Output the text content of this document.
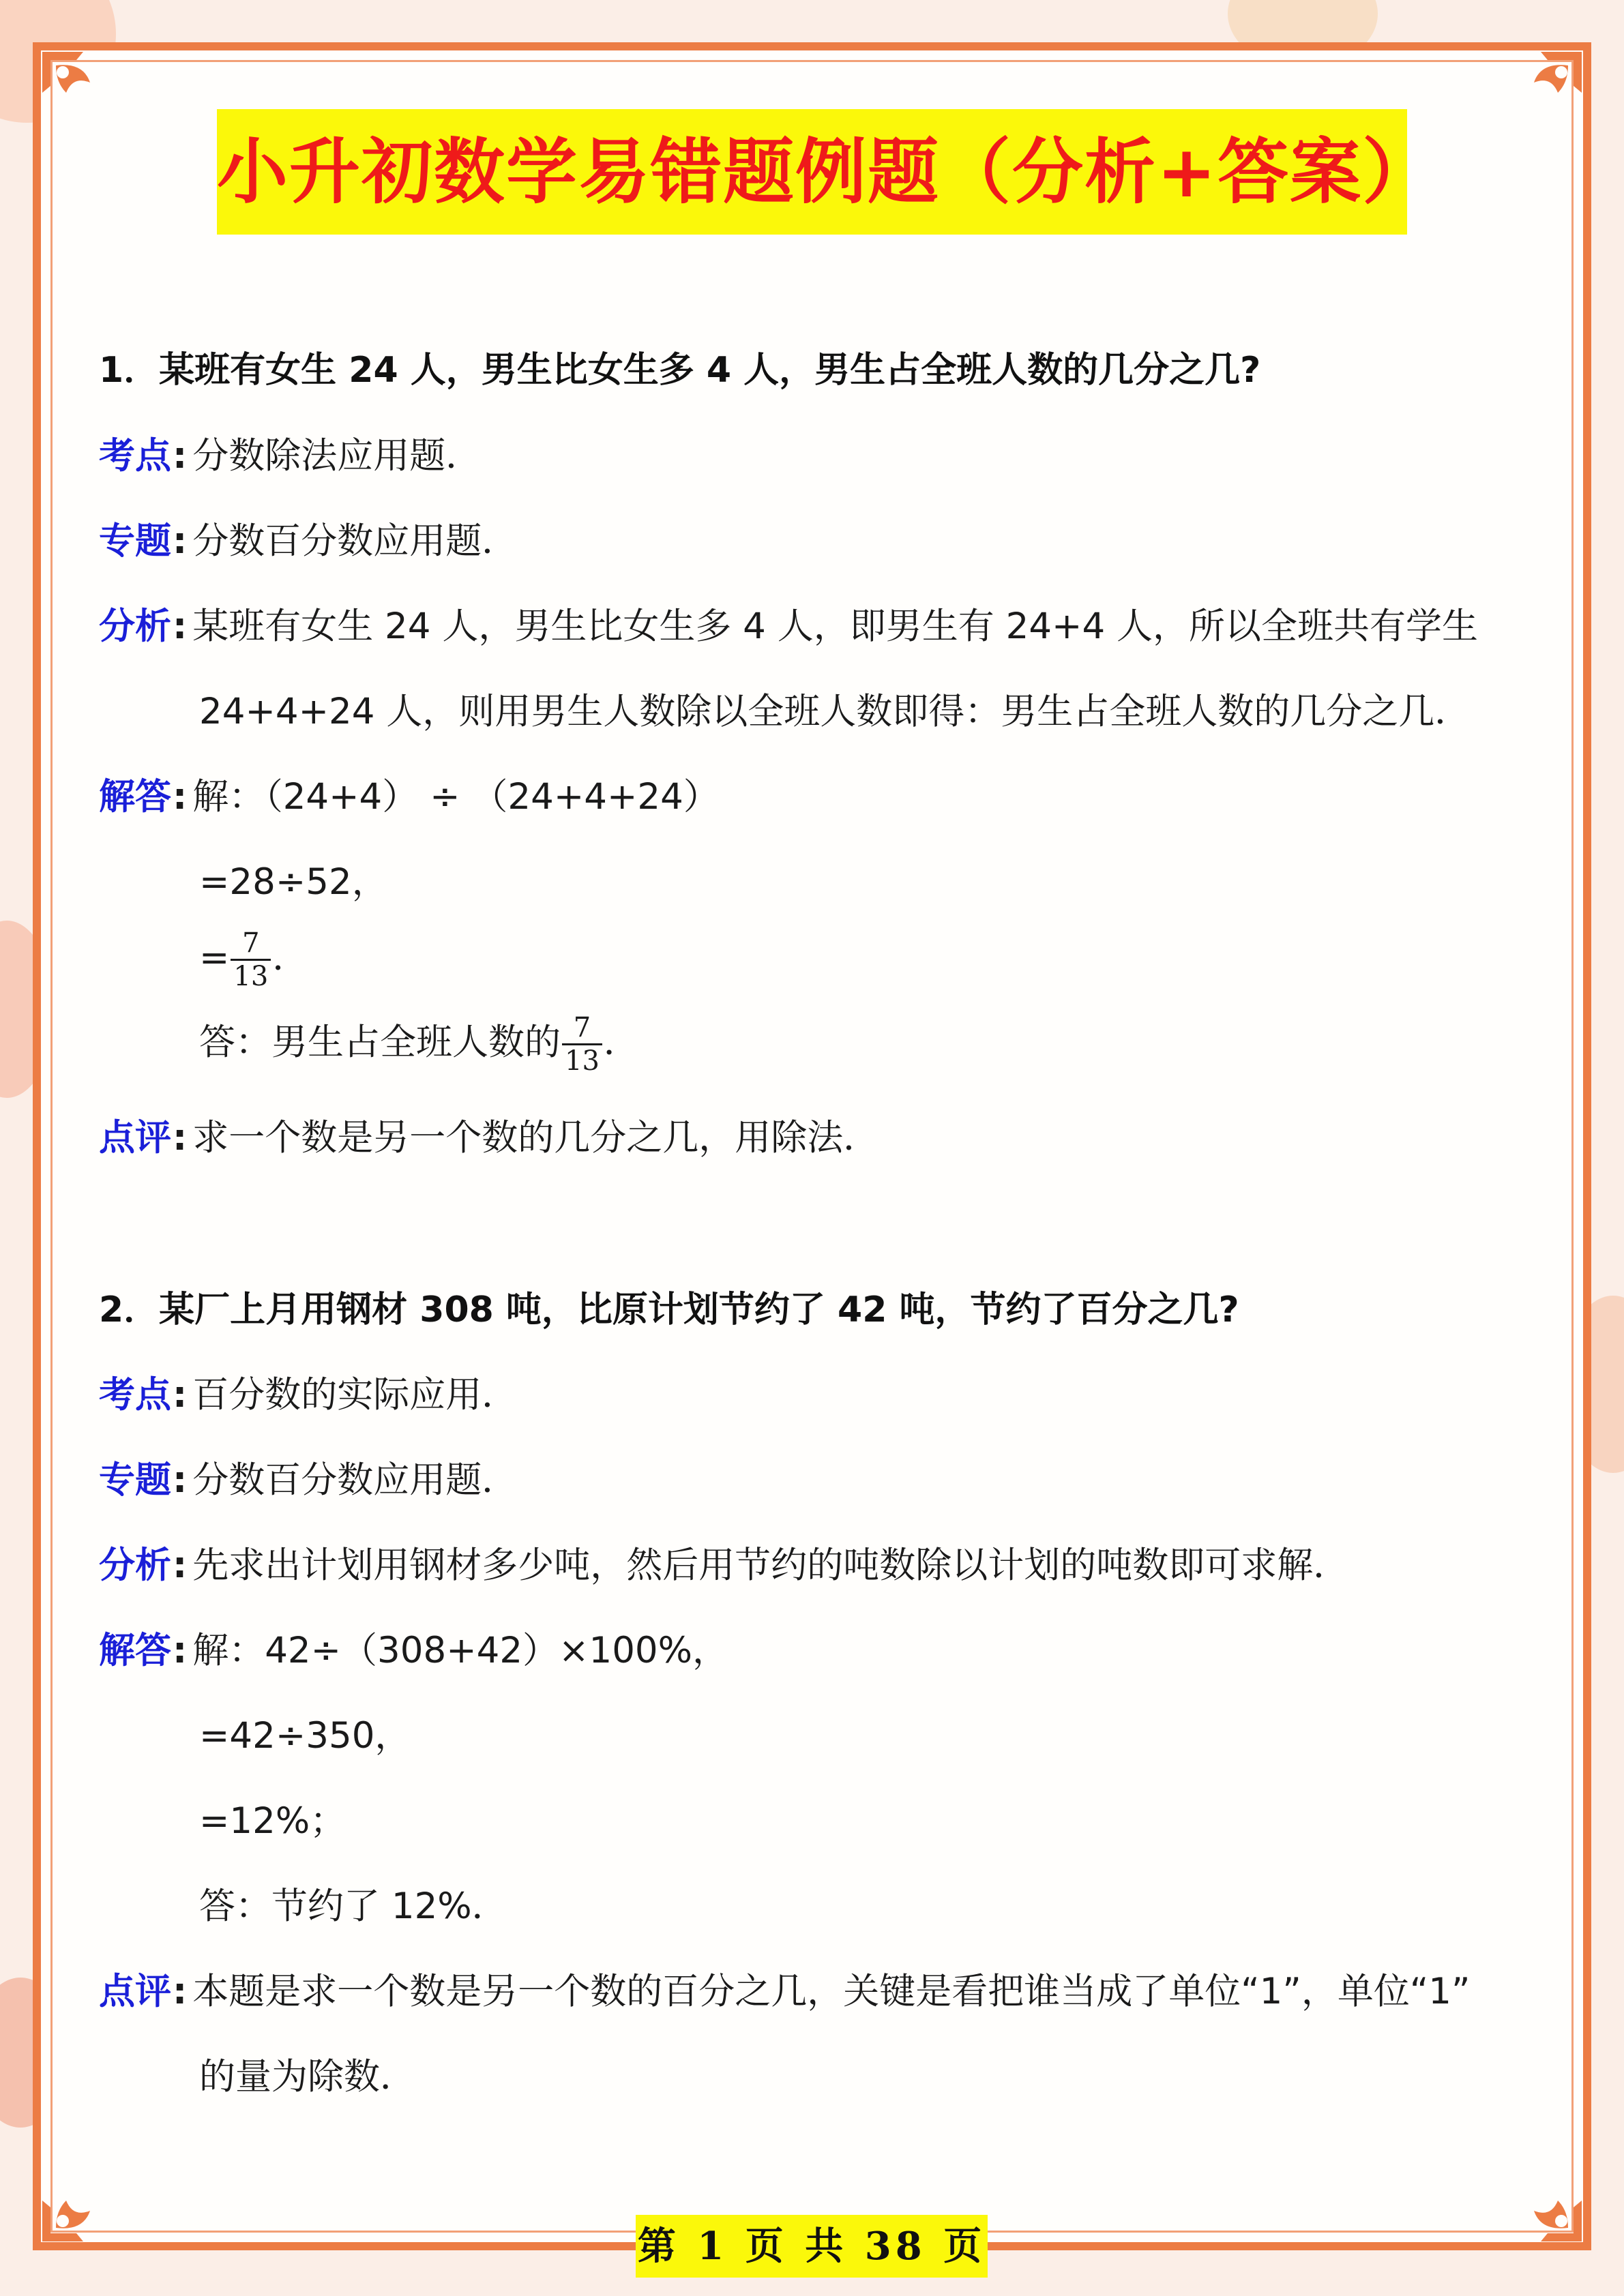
小升初数学易错题例题（分析+答案）
1．某班有女生 24 人，男生比女生多 4 人，男生占全班人数的几分之几?
考点: 分数除法应用题．
专题: 分数百分数应用题．
分析: 某班有女生 24 人，男生比女生多 4 人，即男生有 24+4 人，所以全班共有学生
24+4+24 人，则用男生人数除以全班人数即得：男生占全班人数的几分之几．
解答: 解：（24+4） ÷ （24+4+24）
=28÷52，
= $\frac{7}{13}$ ．
答：男生占全班人数的 $\frac{7}{13}$ ．
点评: 求一个数是另一个数的几分之几，用除法．
2．某厂上月用钢材 308 吨，比原计划节约了 42 吨，节约了百分之几?
考点: 百分数的实际应用．
专题: 分数百分数应用题．
分析: 先求出计划用钢材多少吨，然后用节约的吨数除以计划的吨数即可求解．
解答: 解：42÷（308+42）×100%，
=42÷350，
=12%；
答：节约了 12%．
点评: 本题是求一个数是另一个数的百分之几，关键是看把谁当成了单位“1”，单位“1”
的量为除数．
第 1 页 共 38 页
